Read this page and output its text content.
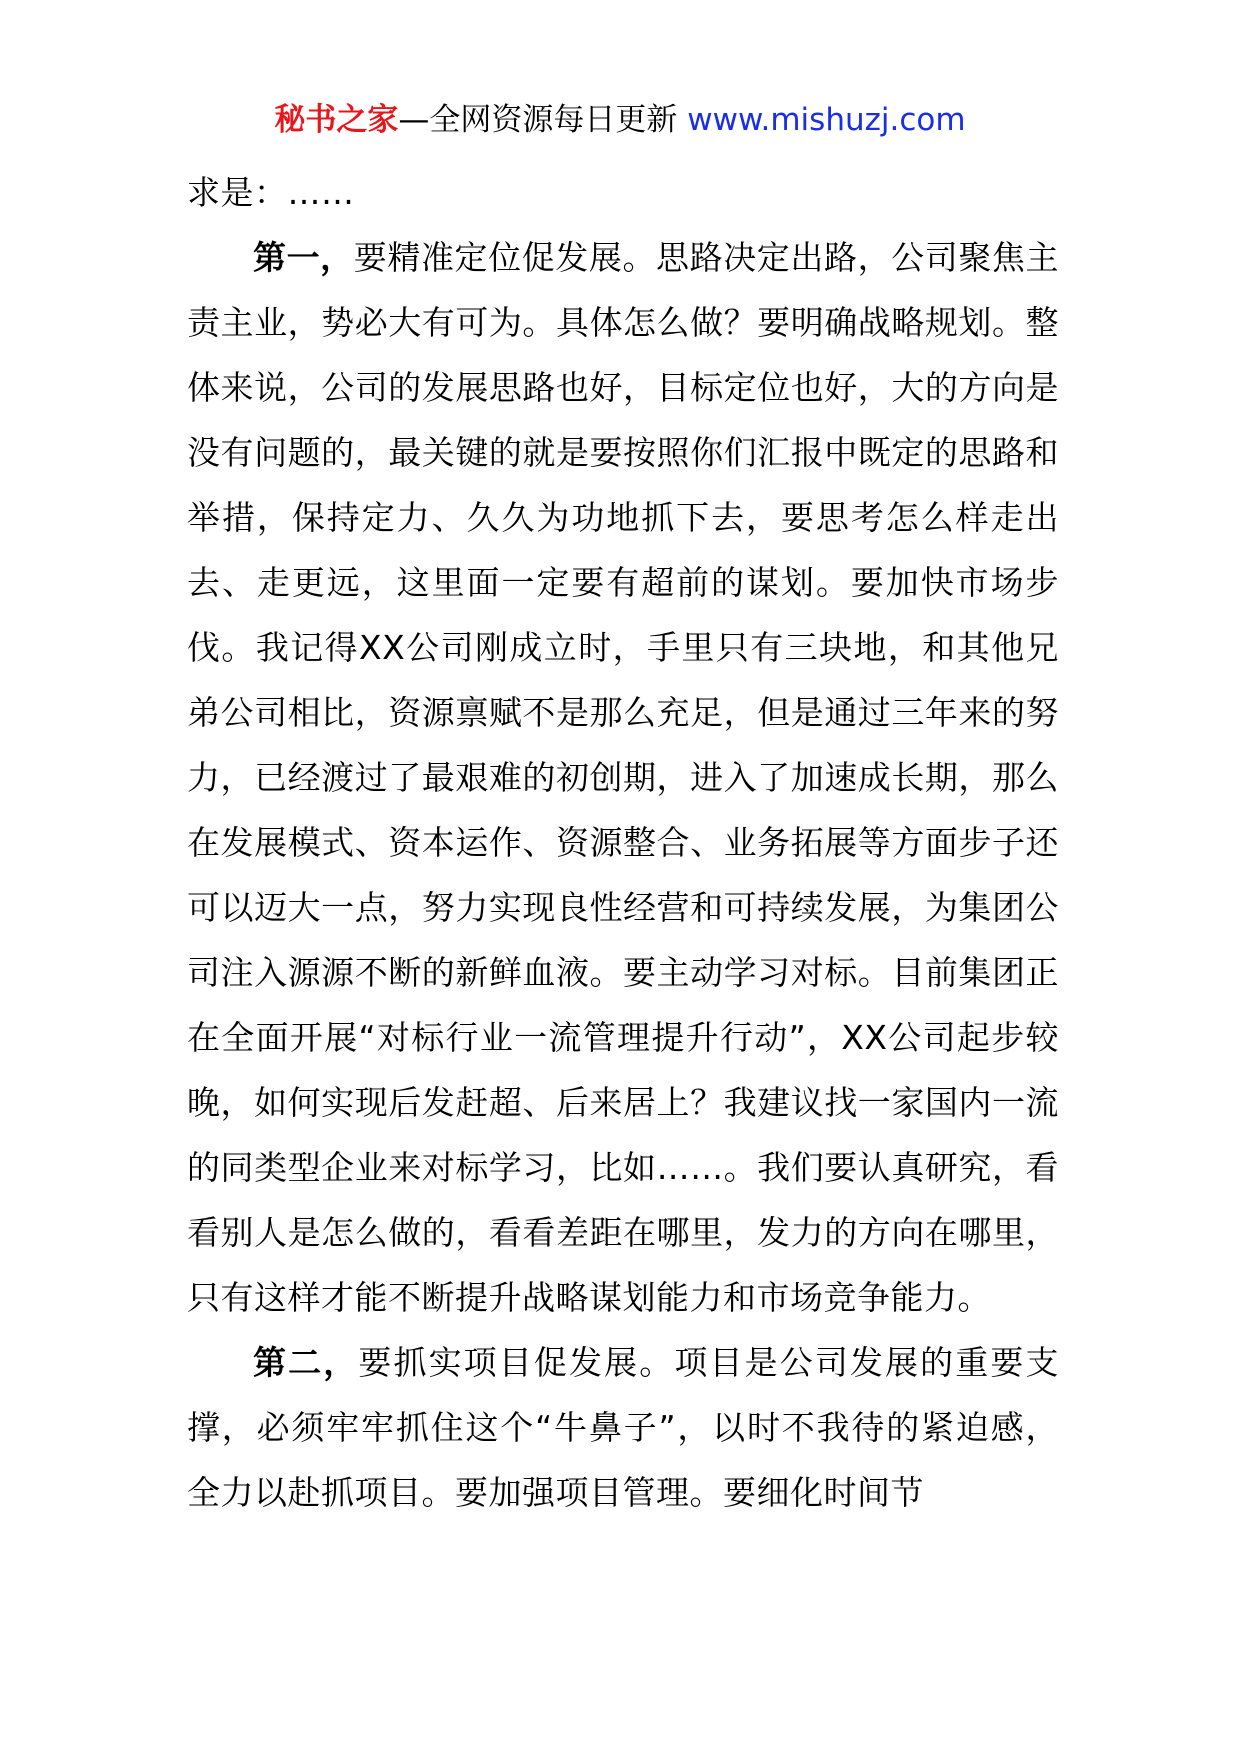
秘书之家—全网资源每日更新 www.mishuzj.com

求是：……

第一，要精准定位促发展。思路决定出路，公司聚焦主责主业，势必大有可为。具体怎么做？要明确战略规划。整体来说，公司的发展思路也好，目标定位也好，大的方向是没有问题的，最关键的就是要按照你们汇报中既定的思路和举措，保持定力、久久为功地抓下去，要思考怎么样走出去、走更远，这里面一定要有超前的谋划。要加快市场步伐。我记得XX公司刚成立时，手里只有三块地，和其他兄弟公司相比，资源禀赋不是那么充足，但是通过三年来的努力，已经渡过了最艰难的初创期，进入了加速成长期，那么在发展模式、资本运作、资源整合、业务拓展等方面步子还可以迈大一点，努力实现良性经营和可持续发展，为集团公司注入源源不断的新鲜血液。要主动学习对标。目前集团正在全面开展“对标行业一流管理提升行动”，XX公司起步较晚，如何实现后发赶超、后来居上？我建议找一家国内一流的同类型企业来对标学习，比如……。我们要认真研究，看看别人是怎么做的，看看差距在哪里，发力的方向在哪里，只有这样才能不断提升战略谋划能力和市场竞争能力。

第二，要抓实项目促发展。项目是公司发展的重要支撑，必须牢牢抓住这个“牛鼻子”，以时不我待的紧迫感，全力以赴抓项目。要加强项目管理。要细化时间节
